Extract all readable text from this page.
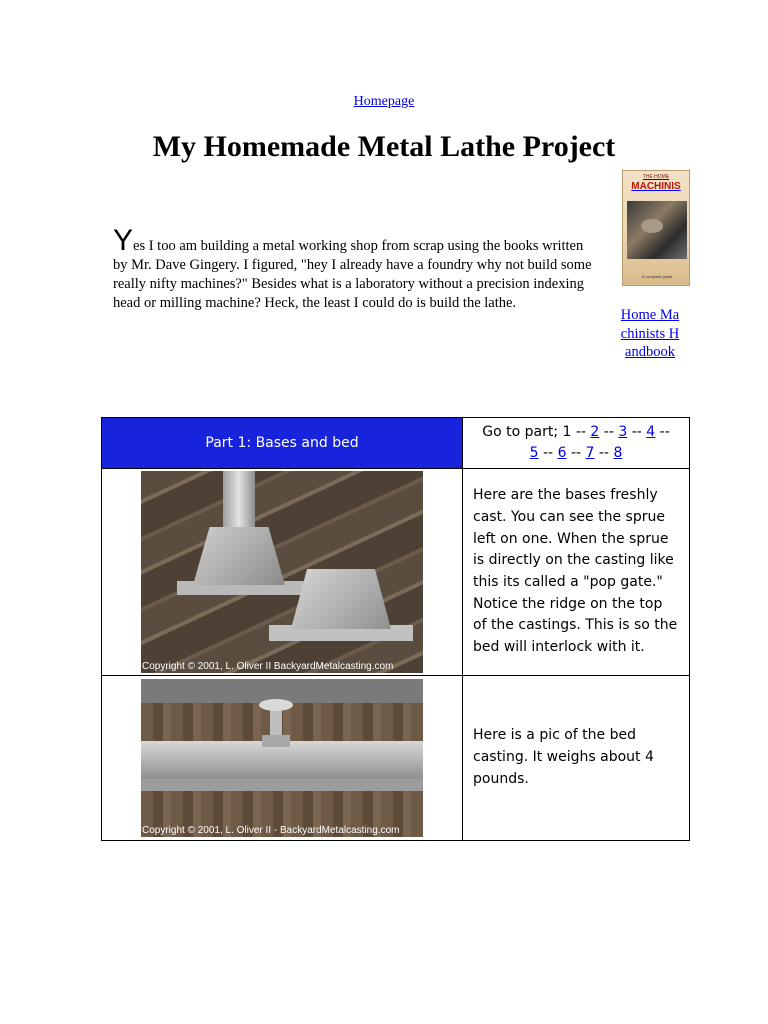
Homepage
My Homemade Metal Lathe Project

Yes I too am building a metal working shop from scrap using the books written by Mr. Dave Gingery. I figured, "hey I already have a foundry why not build some really nifty machines?" Besides what is a laboratory without a precision indexing head or milling machine? Heck, the least I could do is build the lathe.

THE HOME
MACHINIS
A complete guide
Home Machinists Handbook
Part 1: Bases and bed	Go to part; 1 -- 2 -- 3 -- 4 --
5 -- 6 -- 7 -- 8

Copyright © 2001, L. Oliver II BackyardMetalcasting.com	Here are the bases freshly cast. You can see the sprue left on one. When the sprue is directly on the casting like this its called a "pop gate." Notice the ridge on the top of the castings. This is so the bed will interlock with it.

Copyright © 2001, L. Oliver II - BackyardMetalcasting.com	Here is a pic of the bed casting. It weighs about 4 pounds.
